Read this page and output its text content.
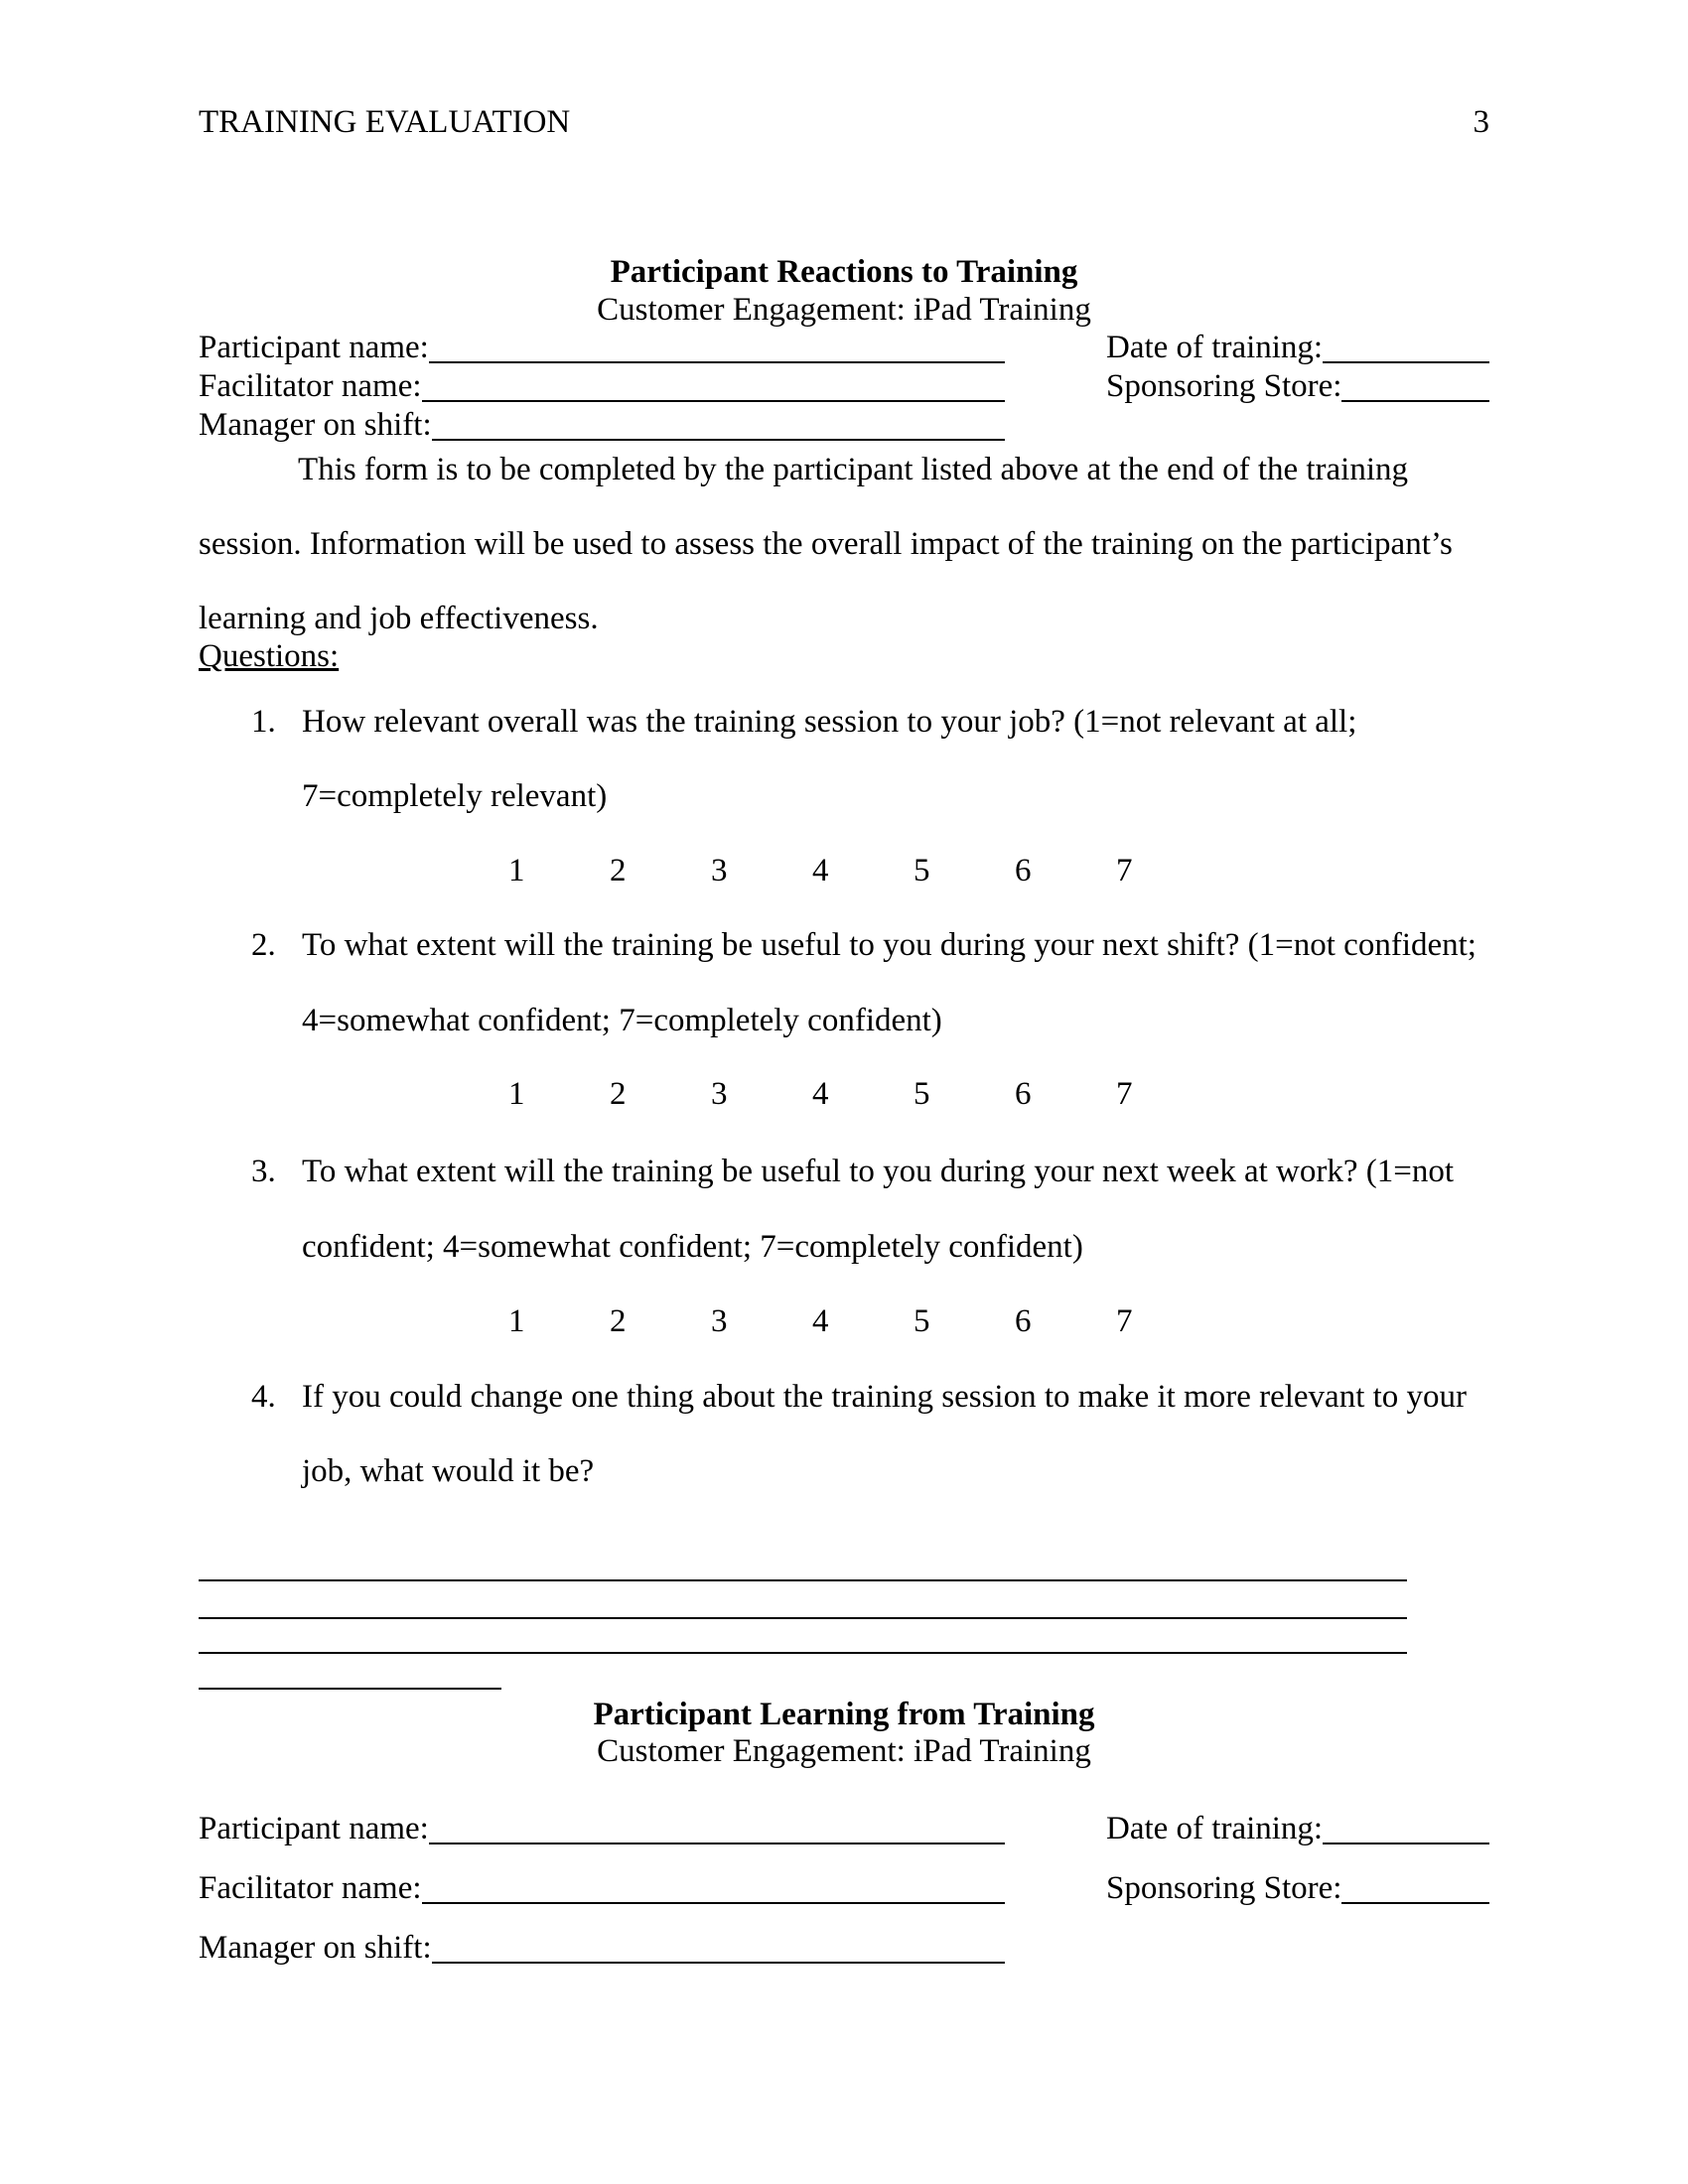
TRAINING EVALUATION	3
Participant Reactions to Training
Customer Engagement: iPad Training
Participant name:	Date of training:
Facilitator name:	Sponsoring Store:
Manager on shift:
This form is to be completed by the participant listed above at the end of the training
session. Information will be used to assess the overall impact of the training on the participant’s
learning and job effectiveness.
Questions:
1. How relevant overall was the training session to your job? (1=not relevant at all;
7=completely relevant)
1	2	3	4	5	6	7
2. To what extent will the training be useful to you during your next shift? (1=not confident;
4=somewhat confident; 7=completely confident)
1	2	3	4	5	6	7
3. To what extent will the training be useful to you during your next week at work? (1=not
confident; 4=somewhat confident; 7=completely confident)
1	2	3	4	5	6	7
4. If you could change one thing about the training session to make it more relevant to your
job, what would it be?
Participant Learning from Training
Customer Engagement: iPad Training
Participant name:	Date of training:
Facilitator name:	Sponsoring Store:
Manager on shift:
